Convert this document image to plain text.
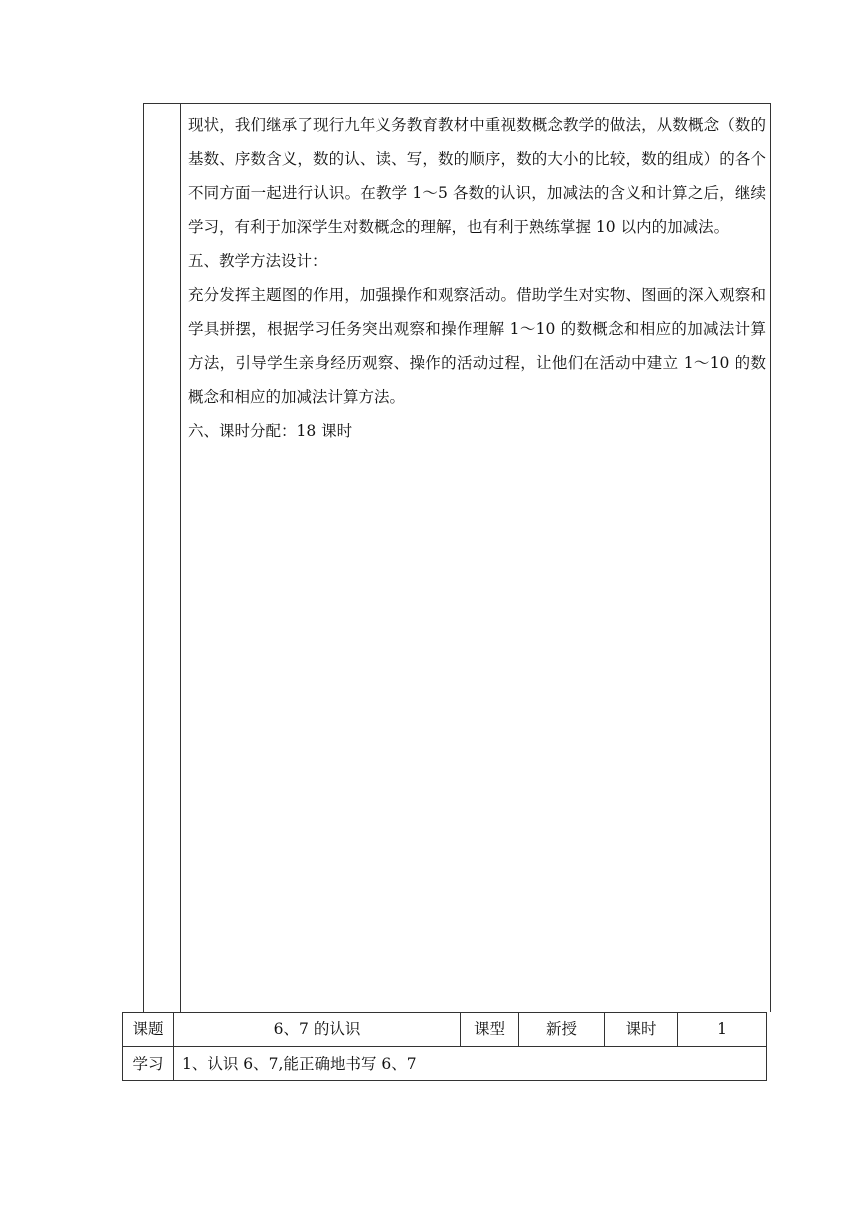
现状，我们继承了现行九年义务教育教材中重视数概念教学的做法，从数概念（数的基数、序数含义，数的认、读、写，数的顺序，数的大小的比较，数的组成）的各个不同方面一起进行认识。在教学 1～5 各数的认识，加减法的含义和计算之后，继续学习，有利于加深学生对数概念的理解，也有利于熟练掌握 10 以内的加减法。

五、教学方法设计：

充分发挥主题图的作用，加强操作和观察活动。借助学生对实物、图画的深入观察和学具拼摆，根据学习任务突出观察和操作理解 1～10 的数概念和相应的加减法计算方法，引导学生亲身经历观察、操作的活动过程，让他们在活动中建立 1～10 的数概念和相应的加减法计算方法。

六、课时分配：18 课时

课题	6、7 的认识	课型	新授	课时	1
学习	1、认识 6、7,能正确地书写 6、7
